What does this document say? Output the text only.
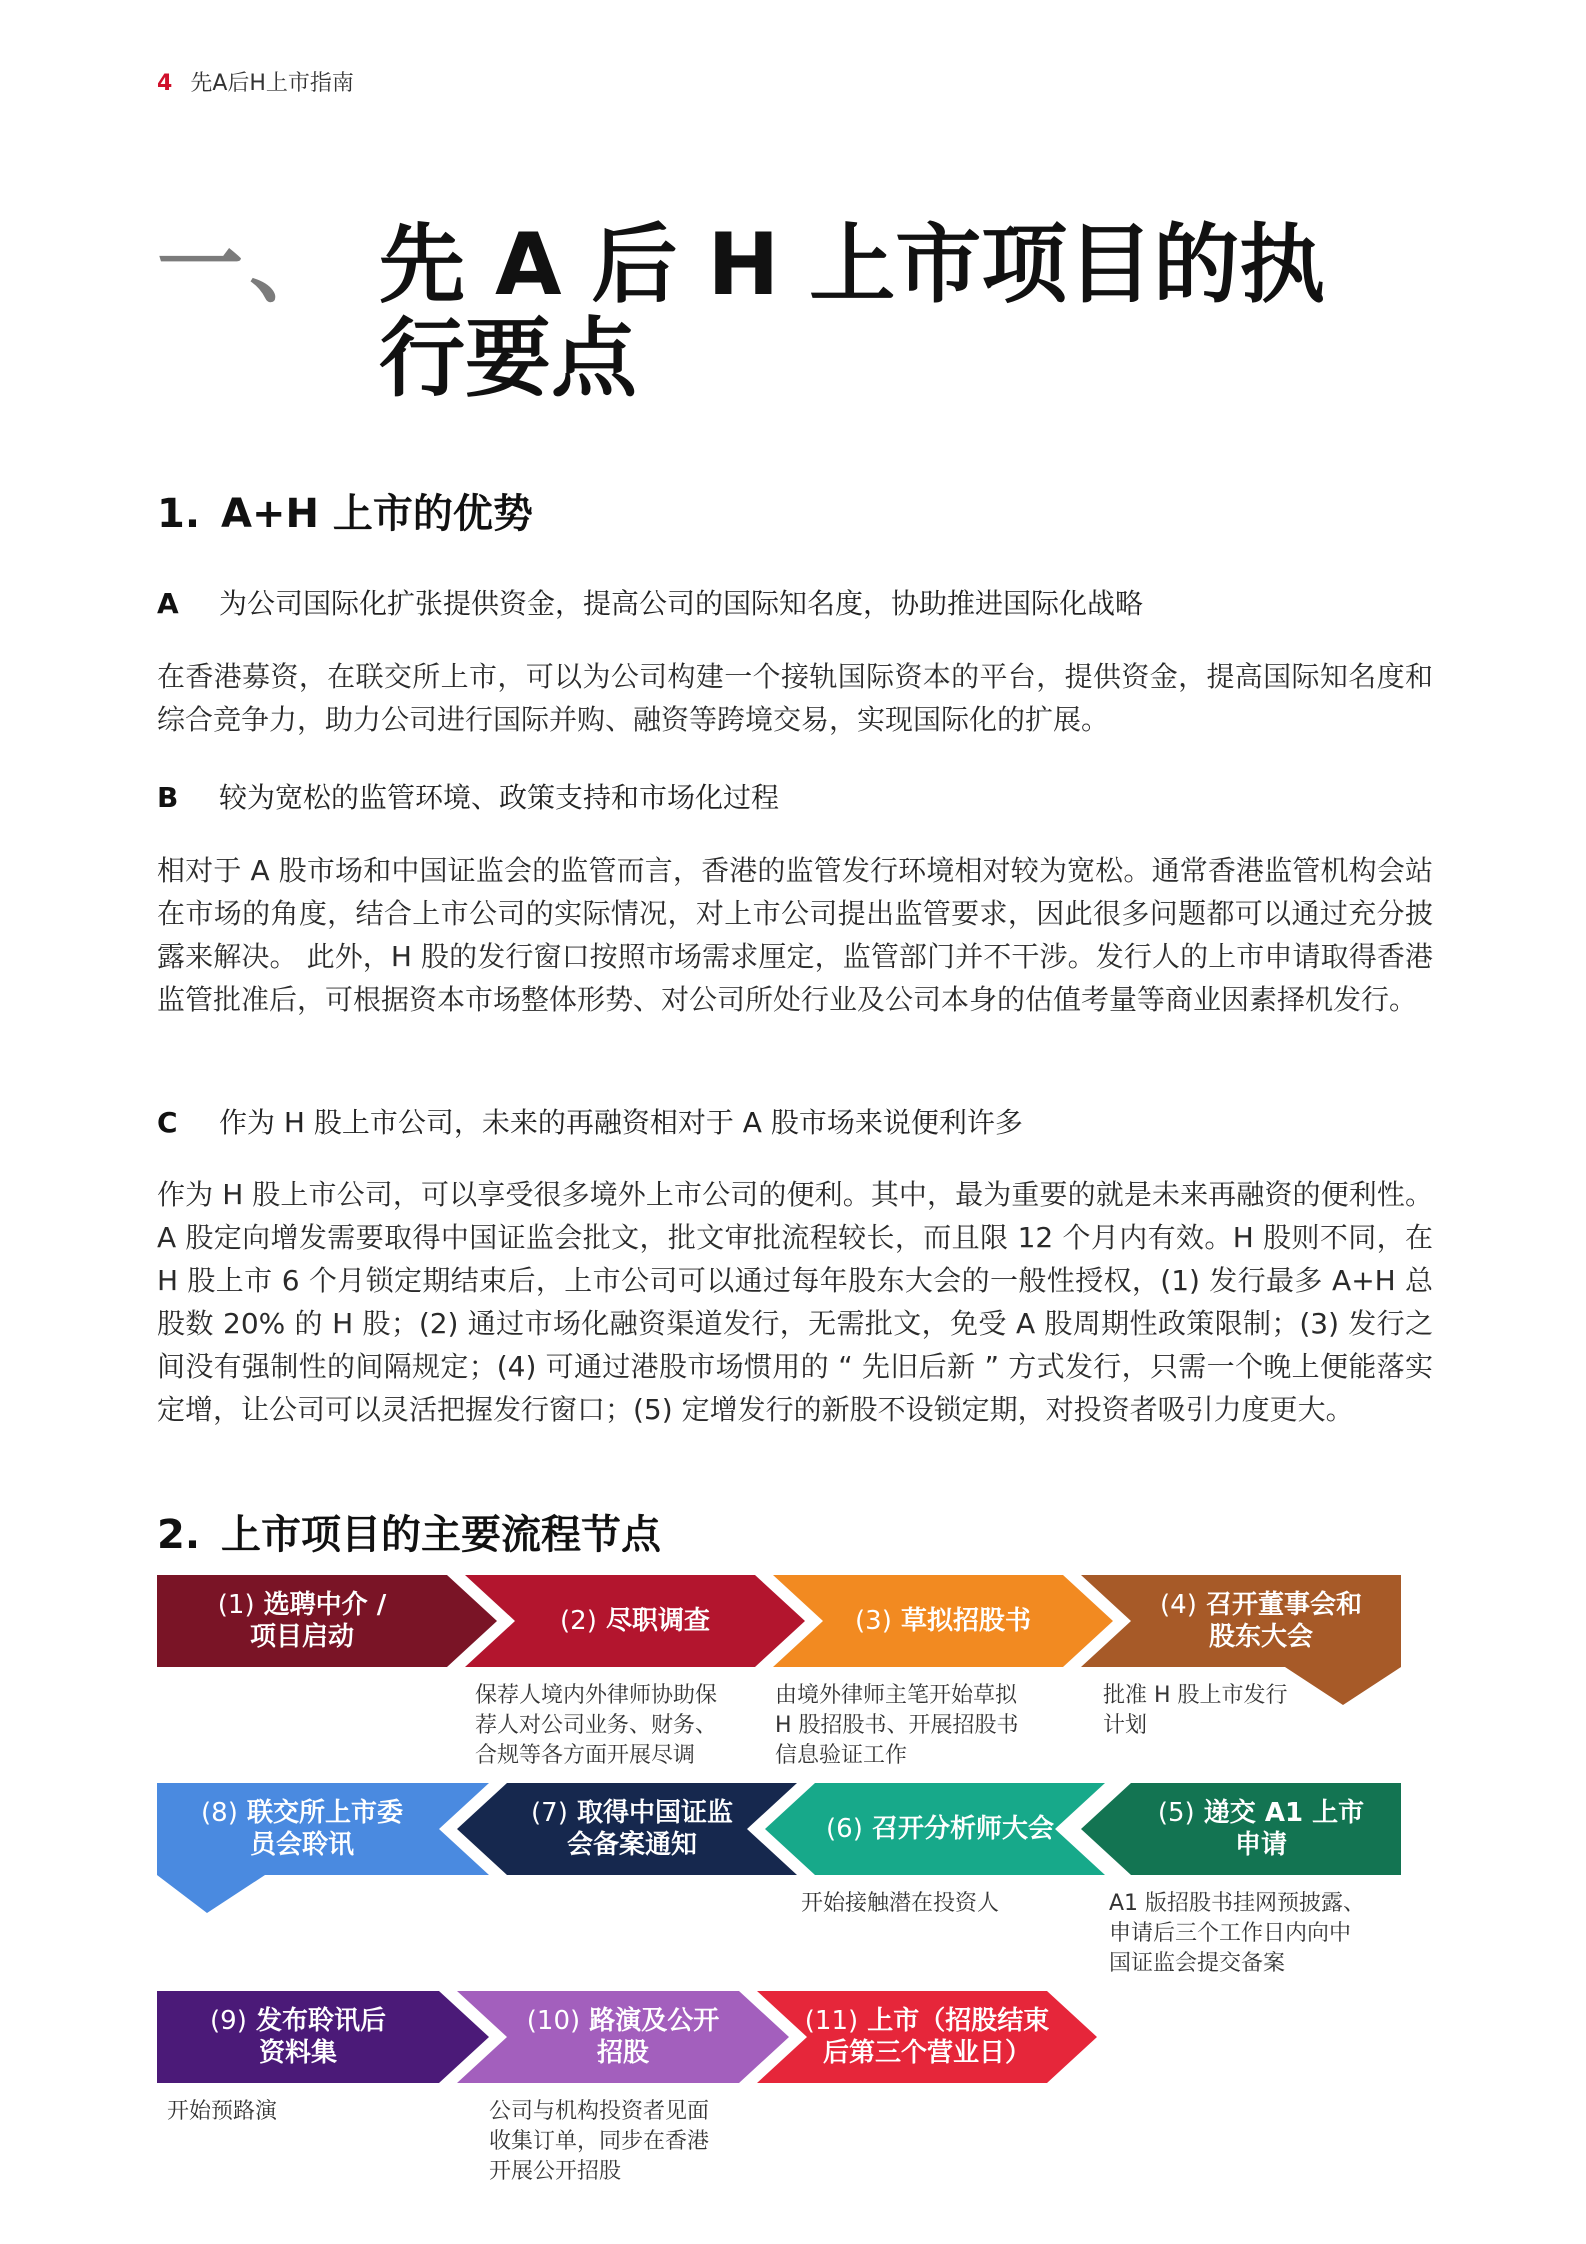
4 先A后H上市指南
一、 先 A 后 H 上市项目的执行要点
1. A+H 上市的优势
A 为公司国际化扩张提供资金，提高公司的国际知名度，协助推进国际化战略

在香港募资，在联交所上市，可以为公司构建一个接轨国际资本的平台，提供资金，提高国际知名度和综合竞争力，助力公司进行国际并购、融资等跨境交易，实现国际化的扩展。

B 较为宽松的监管环境、政策支持和市场化过程

相对于 A 股市场和中国证监会的监管而言，香港的监管发行环境相对较为宽松。通常香港监管机构会站在市场的角度，结合上市公司的实际情况，对上市公司提出监管要求，因此很多问题都可以通过充分披露来解决。 此外，H 股的发行窗口按照市场需求厘定，监管部门并不干涉。发行人的上市申请取得香港监管批准后，可根据资本市场整体形势、对公司所处行业及公司本身的估值考量等商业因素择机发行。

C 作为 H 股上市公司，未来的再融资相对于 A 股市场来说便利许多

作为 H 股上市公司，可以享受很多境外上市公司的便利。其中，最为重要的就是未来再融资的便利性。A 股定向增发需要取得中国证监会批文，批文审批流程较长，而且限 12 个月内有效。H 股则不同，在 H 股上市 6 个月锁定期结束后，上市公司可以通过每年股东大会的一般性授权，(1) 发行最多 A+H 总股数 20% 的 H 股；(2) 通过市场化融资渠道发行，无需批文，免受 A 股周期性政策限制；(3) 发行之间没有强制性的间隔规定；(4) 可通过港股市场惯用的 “ 先旧后新 ” 方式发行，只需一个晚上便能落实定增，让公司可以灵活把握发行窗口；(5) 定增发行的新股不设锁定期，对投资者吸引力度更大。

2. 上市项目的主要流程节点
(1) 选聘中介 /
项目启动
(2) 尽职调查

保荐人境内外律师协助保
荐人对公司业务、财务、
合规等各方面开展尽调

(3) 草拟招股书

由境外律师主笔开始草拟
H 股招股书、开展招股书
信息验证工作

(4) 召开董事会和
股东大会

批准 H 股上市发行
计划

(5) 递交 A1 上市
申请

A1 版招股书挂网预披露、
申请后三个工作日内向中
国证监会提交备案

(6) 召开分析师大会

开始接触潜在投资人

(7) 取得中国证监
会备案通知
(8) 联交所上市委
员会聆讯
(9) 发布聆讯后
资料集

开始预路演

(10) 路演及公开
招股

公司与机构投资者见面
收集订单，同步在香港
开展公开招股

(11) 上市（招股结束
后第三个营业日）
